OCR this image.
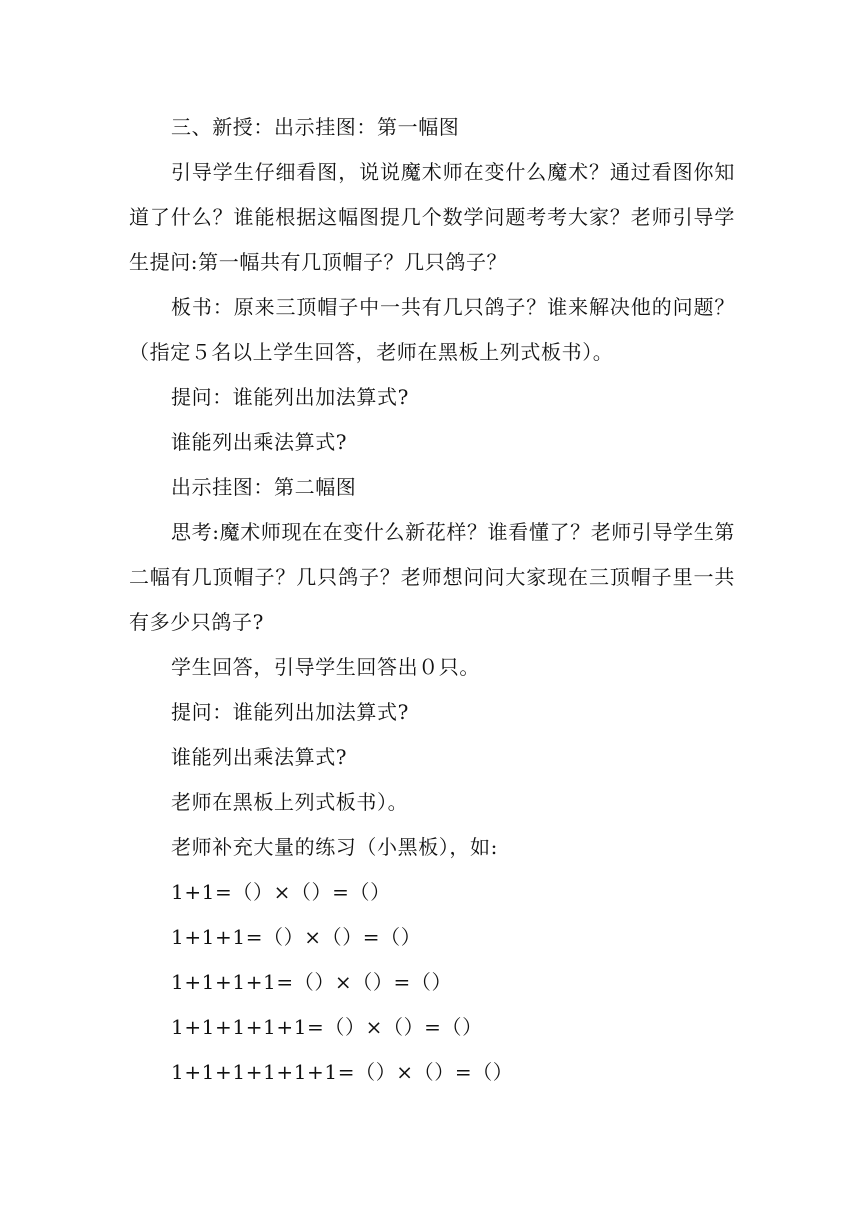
三、新授：出示挂图：第一幅图

引导学生仔细看图，说说魔术师在变什么魔术？通过看图你知道了什么？谁能根据这幅图提几个数学问题考考大家？老师引导学生提问:第一幅共有几顶帽子？几只鸽子？

板书：原来三顶帽子中一共有几只鸽子？谁来解决他的问题？（指定５名以上学生回答，老师在黑板上列式板书）。

提问：谁能列出加法算式?

谁能列出乘法算式?

出示挂图：第二幅图

思考:魔术师现在在变什么新花样？谁看懂了？老师引导学生第二幅有几顶帽子？几只鸽子？老师想问问大家现在三顶帽子里一共有多少只鸽子?

学生回答，引导学生回答出０只。

提问：谁能列出加法算式?

谁能列出乘法算式?

老师在黑板上列式板书）。

老师补充大量的练习（小黑板），如:

1+1=（）×（）=（）

1+1+1=（）×（）=（）

1+1+1+1=（）×（）=（）

1+1+1+1+1=（）×（）=（）

1+1+1+1+1+1=（）×（）=（）
